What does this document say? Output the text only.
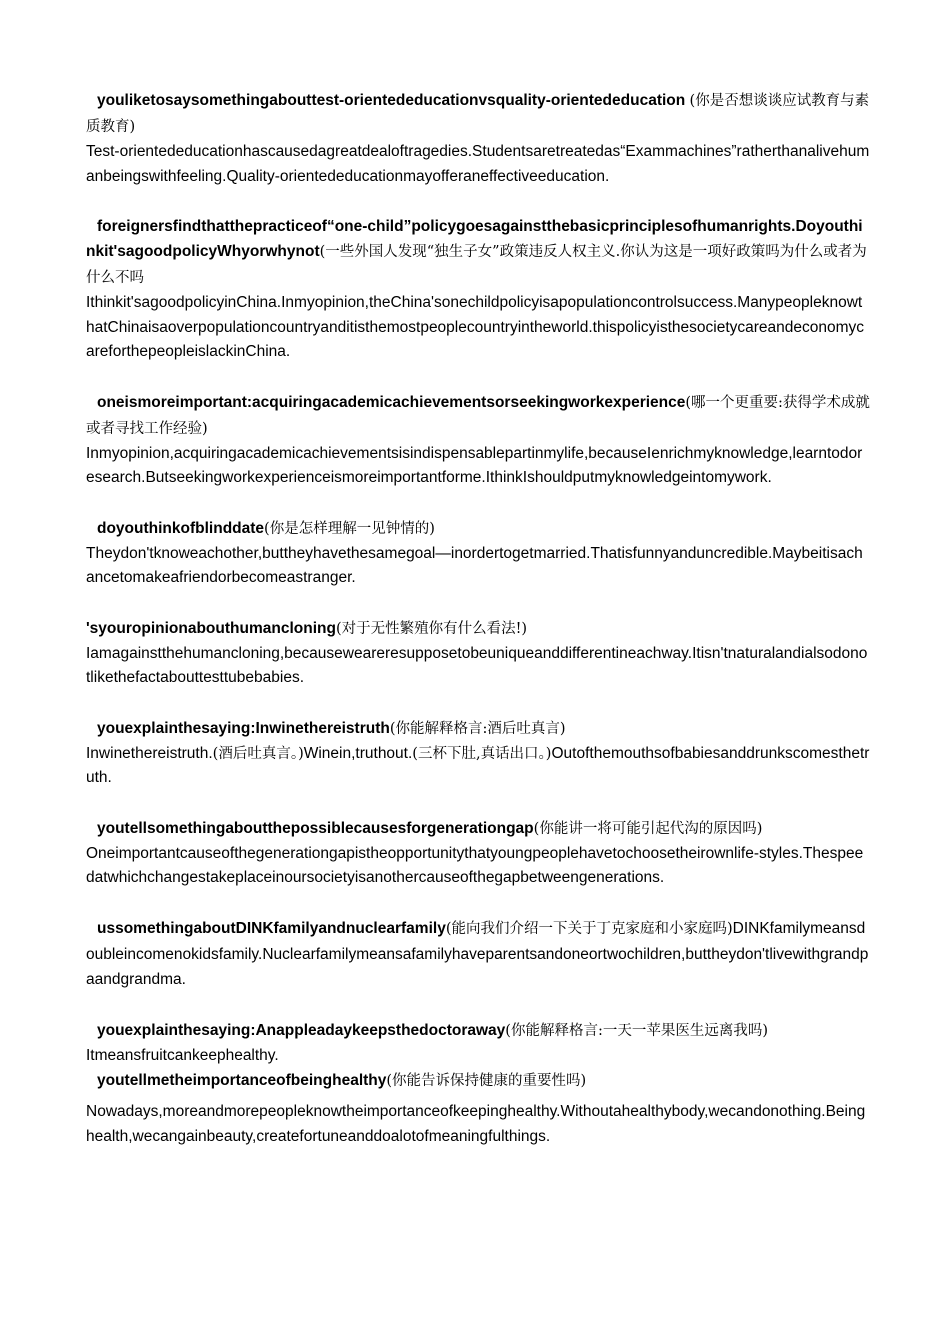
youliketosaysomethingabouttest-orientededucationvsquality-orientededucation (你是否想谈谈应试教育与素质教育)
Test-orientededucationhascausedagreatdealoftragedies.Studentsaretreatedas“Exammachines”ratherthanalivehumanbeingswithfeeling.Quality-orientededucationmayofferaneffectiveeducation.
foreignersfindthatthepracticeof“one-child”policygoesagainstthebasicprinciplesofhumanrights.Doyouthinkit'sagoodpolicyWhyorwhynot(一些外国人发现“独生子女”政策违反人权主义.你认为这是一项好政策吗为什么或者为什么不吗
Ithinkit'sagoodpolicyinChina.Inmyopinion,theChina'sonechildpolicyisapopulationcontrolsuccess.ManypeopleknowthatChinaisaoverpopulationcountryanditisthemostpeoplecountryintheworld.thispolicyisthesocietycareandeconomycareforthepeopleislackinChina.
oneismoreimportant:acquiringacademicachievementsorseekingworkexperience(哪一个更重要:获得学术成就或者寻找工作经验)
Inmyopinion,acquiringacademicachievementsisindispensablepartinmylife,becauseIenrichmyknowledge,learntodoresearch.Butseekingworkexperienceismoreimportantforme.IthinkIshouldputmyknowledgeintomywork.
doyouthinkofblinddate(你是怎样理解一见钟情的)
Theydon'tknoweachother,buttheyhavethesamegoal—inordertogetmarried.Thatisfunnyanduncredible.Maybeitisachancetomakeafriendorbecomeastranger.
'syouropinionabouthumancloning(对于无性繁殖你有什么看法!)
Iamagainstthehumancloning,becauseweareresupposetobeuniqueanddifferentineachway.Itisn'tnaturalandialsodonotlikethefactabouttesttubebabies.
youexplainthesaying:Inwinethereistruth(你能解释格言:酒后吐真言)
Inwinethereistruth.(酒后吐真言。)Winein,truthout.(三杯下肚,真话出口。)Outofthemouthsofbabiesanddrunkscomesthetruth.
youtellsomethingaboutthepossiblecausesforgenerationgap(你能讲一将可能引起代沟的原因吗)
Oneimportantcauseofthegenerationgapistheopportunitythatyoungpeoplehavetochoosetheirownlife-styles.Thespeedatwhichchangestakeplaceinoursocietyisanothercauseofthegapbetweengenerations.
ussomethingaboutDINKfamilyandnuclearfamily(能向我们介绍一下关于丁克家庭和小家庭吗)DINKfamilymeansdoubleincomenokidsfamily.Nuclearfamilymeansafamilyhaveparentsandoneortwochildren,buttheydon'tlivewithgrandpaandgrandma.
youexplainthesaying:Anappleadaykeepsthedoctoraway(你能解释格言:一天一苹果医生远离我吗)
Itmeansfruitcankeephealthy.
youtellmetheimportanceofbeinghealthy(你能告诉保持健康的重要性吗)
Nowadays,moreandmorepeopleknowtheimportanceofkeepinghealthy.Withoutahealthybody,wecandonothing.Beinghealth,wecangainbeauty,createfortuneanddoalotofmeaningfulthings.
